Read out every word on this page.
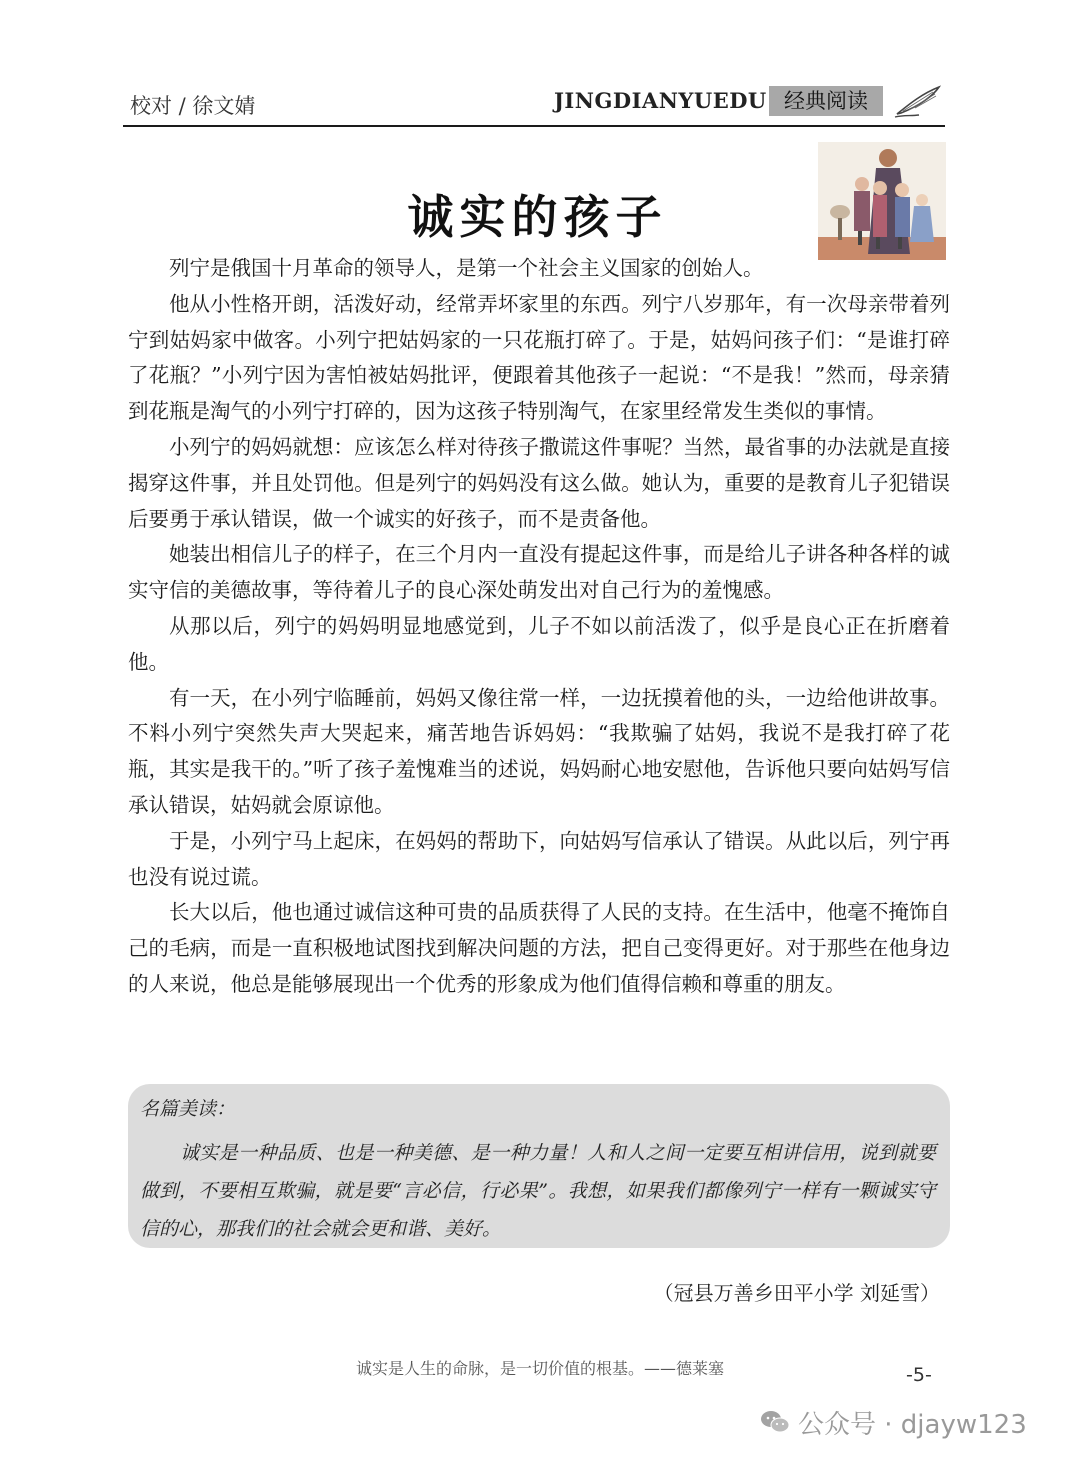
校对 / 徐文婧	JINGDIANYUEDU 经典阅读
诚实的孩子

列宁是俄国十月革命的领导人，是第一个社会主义国家的创始人。

他从小性格开朗，活泼好动，经常弄坏家里的东西。列宁八岁那年，有一次母亲带着列宁到姑妈家中做客。小列宁把姑妈家的一只花瓶打碎了。于是，姑妈问孩子们：“是谁打碎了花瓶？”小列宁因为害怕被姑妈批评，便跟着其他孩子一起说：“不是我！”然而，母亲猜到花瓶是淘气的小列宁打碎的，因为这孩子特别淘气，在家里经常发生类似的事情。

小列宁的妈妈就想：应该怎么样对待孩子撒谎这件事呢？当然，最省事的办法就是直接揭穿这件事，并且处罚他。但是列宁的妈妈没有这么做。她认为，重要的是教育儿子犯错误后要勇于承认错误，做一个诚实的好孩子，而不是责备他。

她装出相信儿子的样子，在三个月内一直没有提起这件事，而是给儿子讲各种各样的诚实守信的美德故事，等待着儿子的良心深处萌发出对自己行为的羞愧感。

从那以后，列宁的妈妈明显地感觉到，儿子不如以前活泼了，似乎是良心正在折磨着他。

有一天，在小列宁临睡前，妈妈又像往常一样，一边抚摸着他的头，一边给他讲故事。不料小列宁突然失声大哭起来，痛苦地告诉妈妈：“我欺骗了姑妈，我说不是我打碎了花瓶，其实是我干的。”听了孩子羞愧难当的述说，妈妈耐心地安慰他，告诉他只要向姑妈写信承认错误，姑妈就会原谅他。

于是，小列宁马上起床，在妈妈的帮助下，向姑妈写信承认了错误。从此以后，列宁再也没有说过谎。

长大以后，他也通过诚信这种可贵的品质获得了人民的支持。在生活中，他毫不掩饰自己的毛病，而是一直积极地试图找到解决问题的方法，把自己变得更好。对于那些在他身边的人来说，他总是能够展现出一个优秀的形象成为他们值得信赖和尊重的朋友。

名篇美读：

诚实是一种品质、也是一种美德、是一种力量！人和人之间一定要互相讲信用，说到就要做到，不要相互欺骗，就是要“言必信，行必果”。我想，如果我们都像列宁一样有一颗诚实守信的心，那我们的社会就会更和谐、美好。

（冠县万善乡田平小学 刘延雪）
诚实是人生的命脉，是一切价值的根基。——德莱塞	-5-
公众号 · djayw123
